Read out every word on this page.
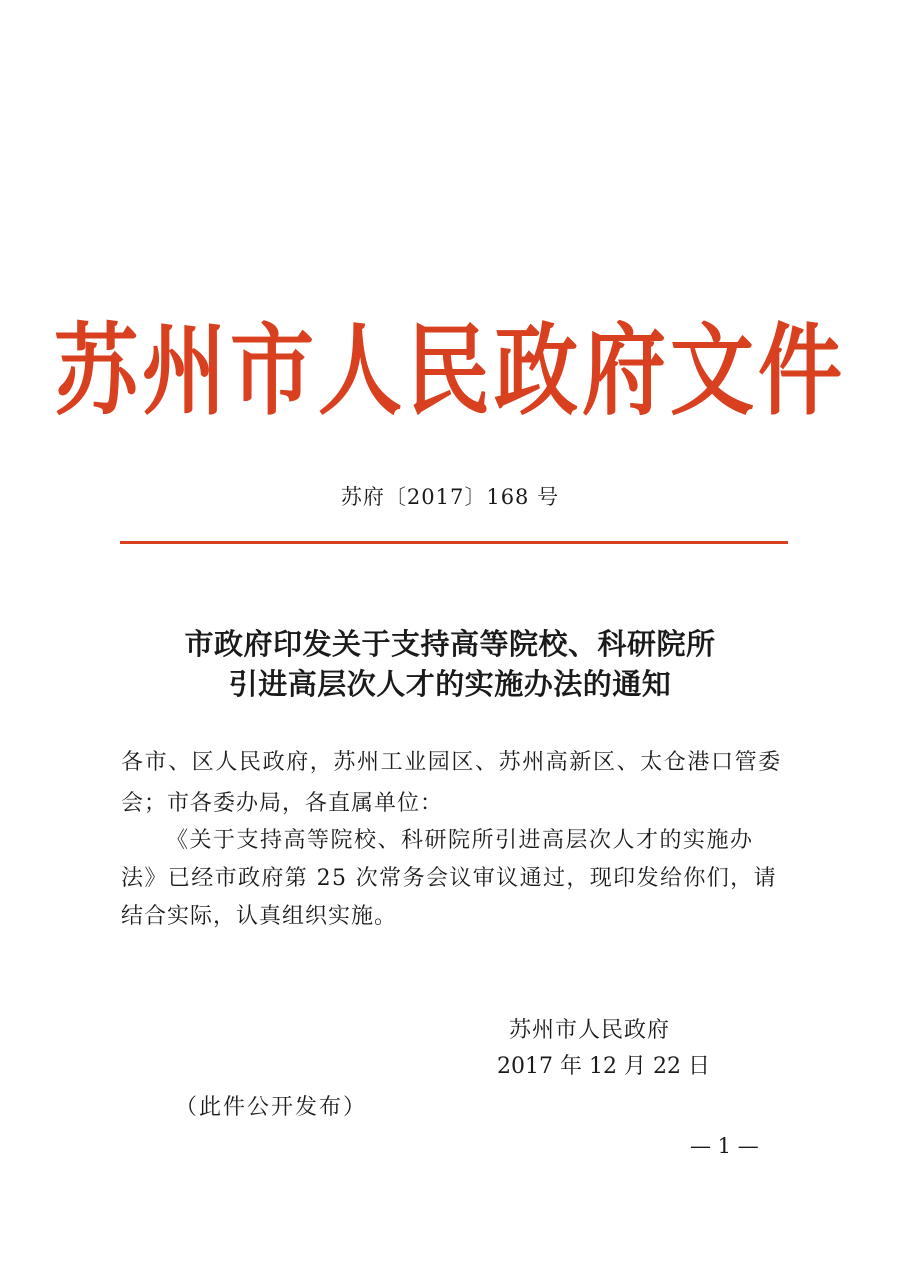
苏州市人民政府文件
苏府〔2017〕168 号
市政府印发关于支持高等院校、科研院所
引进高层次人才的实施办法的通知
各市、区人民政府，苏州工业园区、苏州高新区、太仓港口管委
会；市各委办局，各直属单位：
《关于支持高等院校、科研院所引进高层次人才的实施办
法》已经市政府第 25 次常务会议审议通过，现印发给你们，请
结合实际，认真组织实施。
苏州市人民政府
2017 年 12 月 22 日
（此件公开发布）
— 1 —
